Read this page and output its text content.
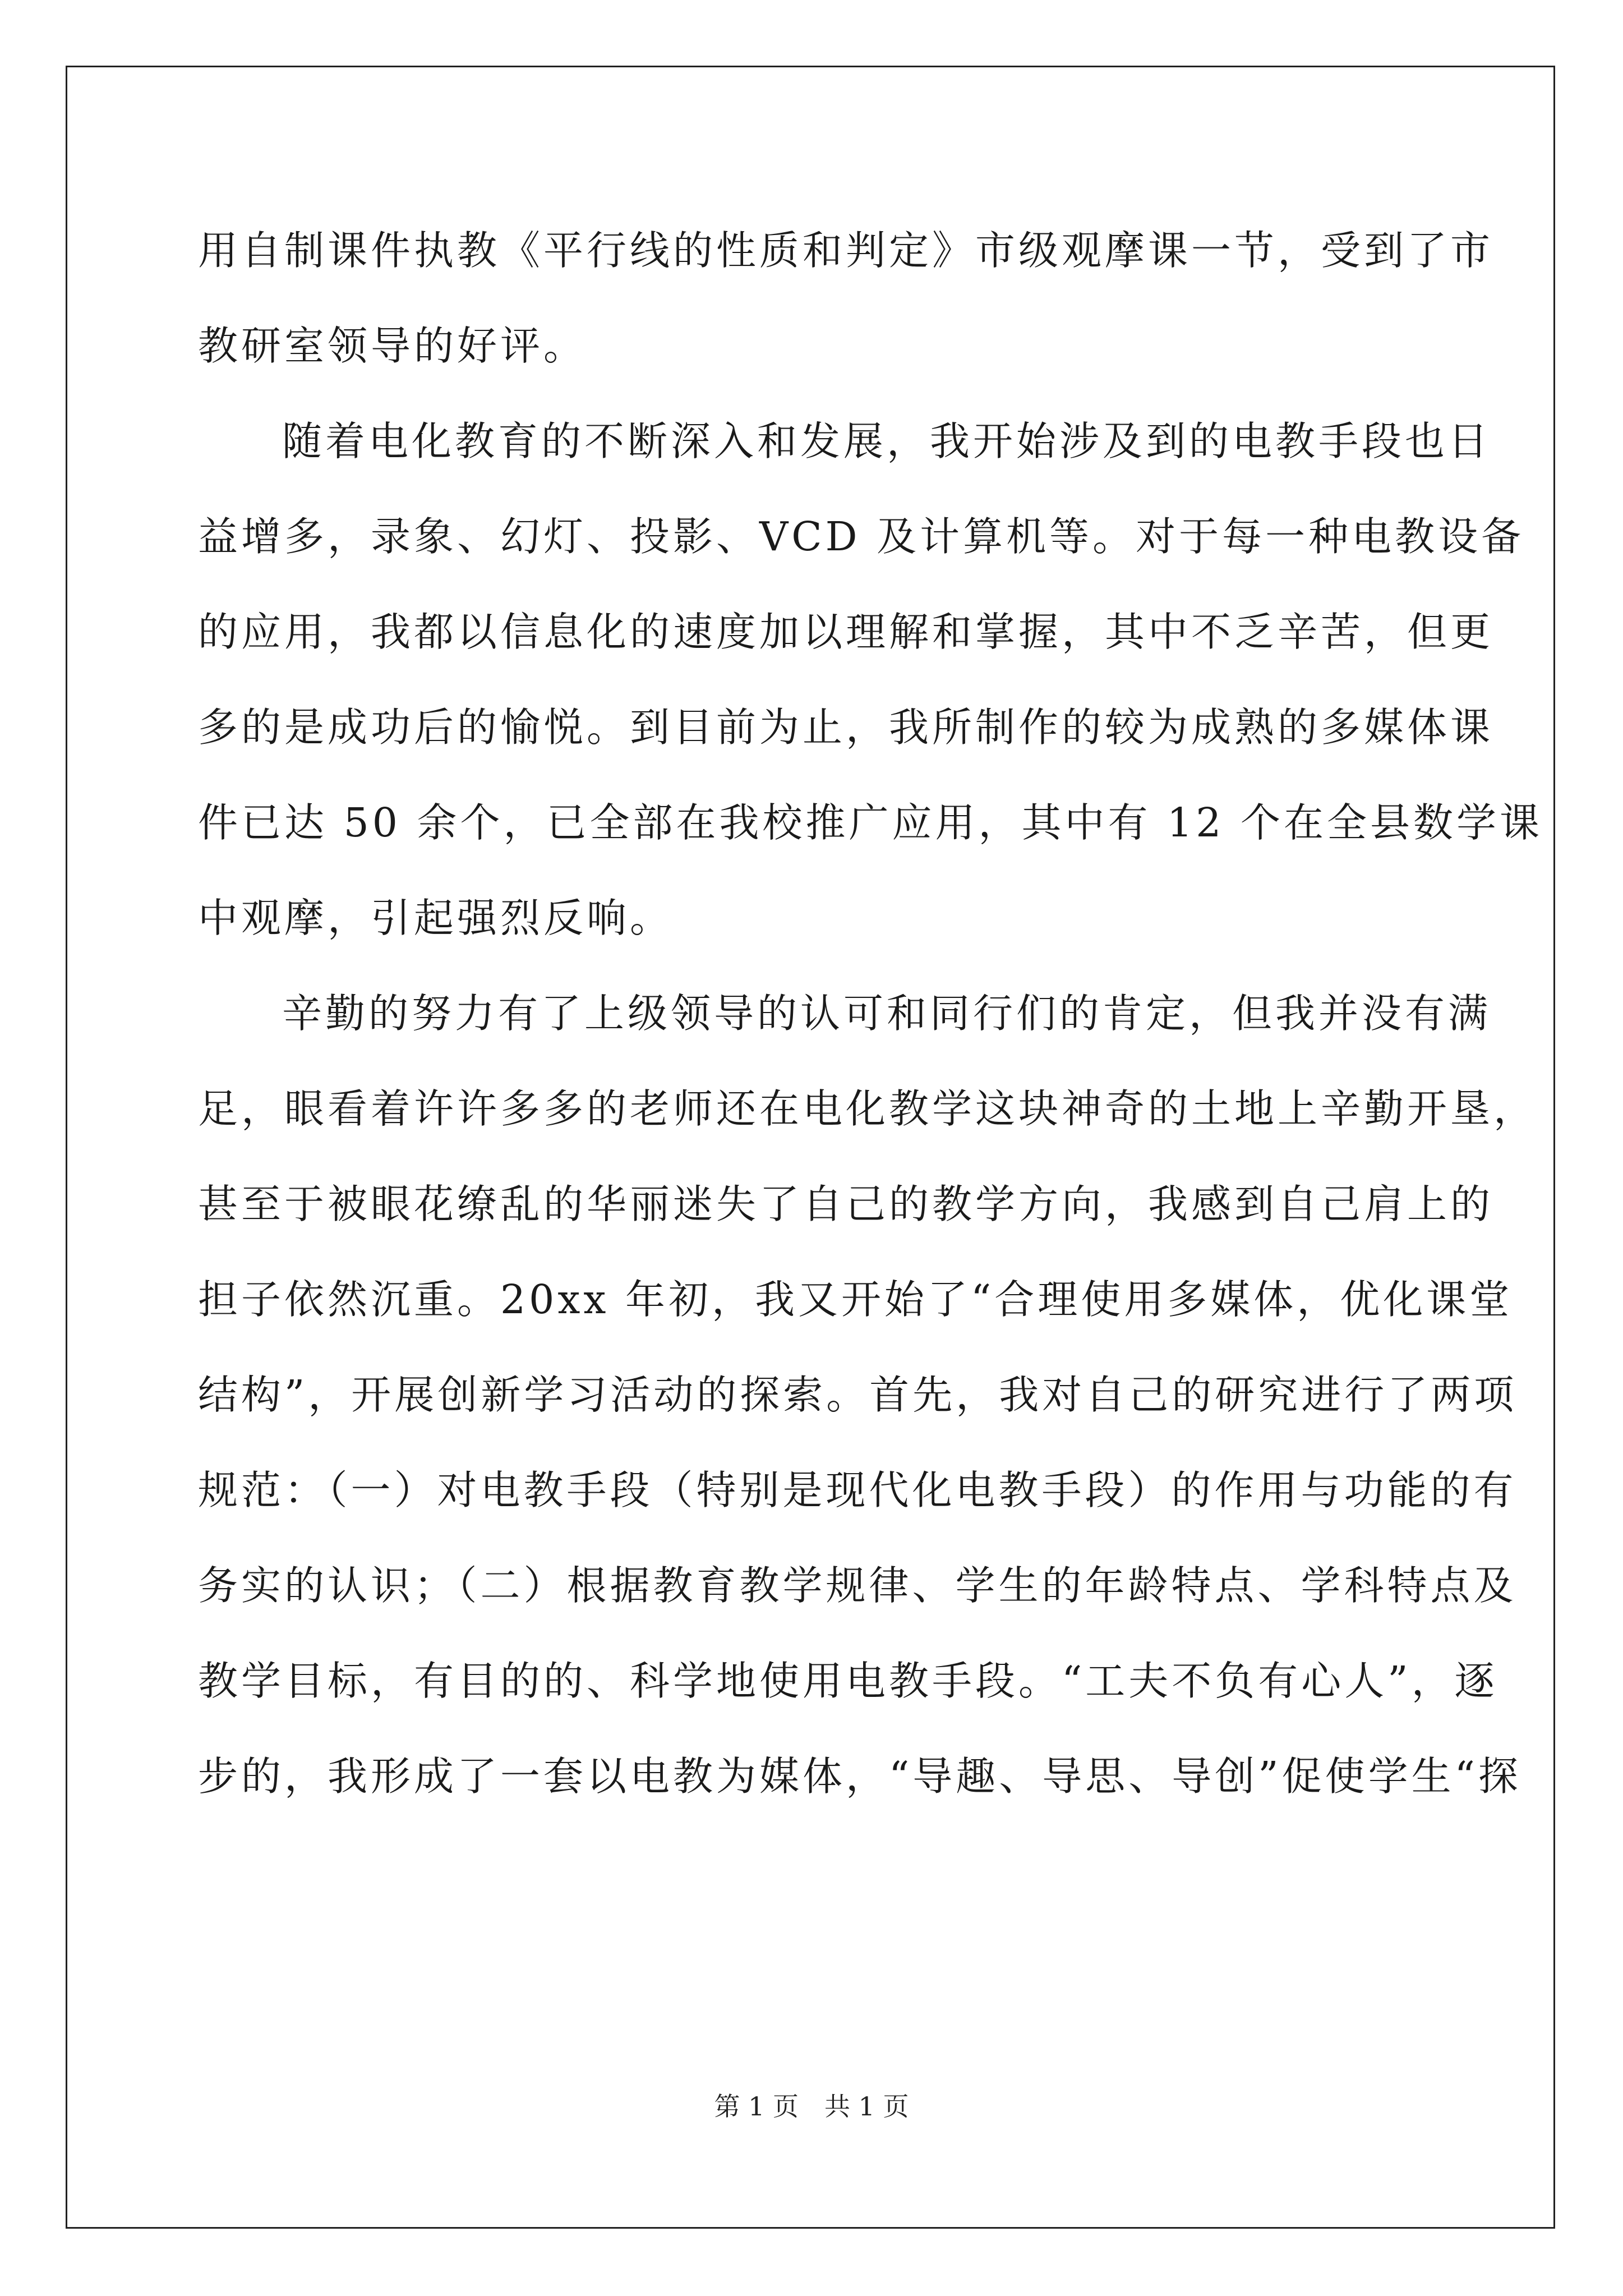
用自制课件执教《平行线的性质和判定》市级观摩课一节，受到了市
教研室领导的好评。
随着电化教育的不断深入和发展，我开始涉及到的电教手段也日
益增多，录象、幻灯、投影、VCD 及计算机等。对于每一种电教设备
的应用，我都以信息化的速度加以理解和掌握，其中不乏辛苦，但更
多的是成功后的愉悦。到目前为止，我所制作的较为成熟的多媒体课
件已达 50 余个，已全部在我校推广应用，其中有 12 个在全县数学课
中观摩，引起强烈反响。
辛勤的努力有了上级领导的认可和同行们的肯定，但我并没有满
足，眼看着许许多多的老师还在电化教学这块神奇的土地上辛勤开垦，
甚至于被眼花缭乱的华丽迷失了自己的教学方向，我感到自己肩上的
担子依然沉重。20xx 年初，我又开始了“合理使用多媒体，优化课堂
结构”，开展创新学习活动的探索。首先，我对自己的研究进行了两项
规范：（一）对电教手段（特别是现代化电教手段）的作用与功能的有
务实的认识；（二）根据教育教学规律、学生的年龄特点、学科特点及
教学目标，有目的的、科学地使用电教手段。“工夫不负有心人”，逐
步的，我形成了一套以电教为媒体，“导趣、导思、导创”促使学生“探
第 1 页　共 1 页
